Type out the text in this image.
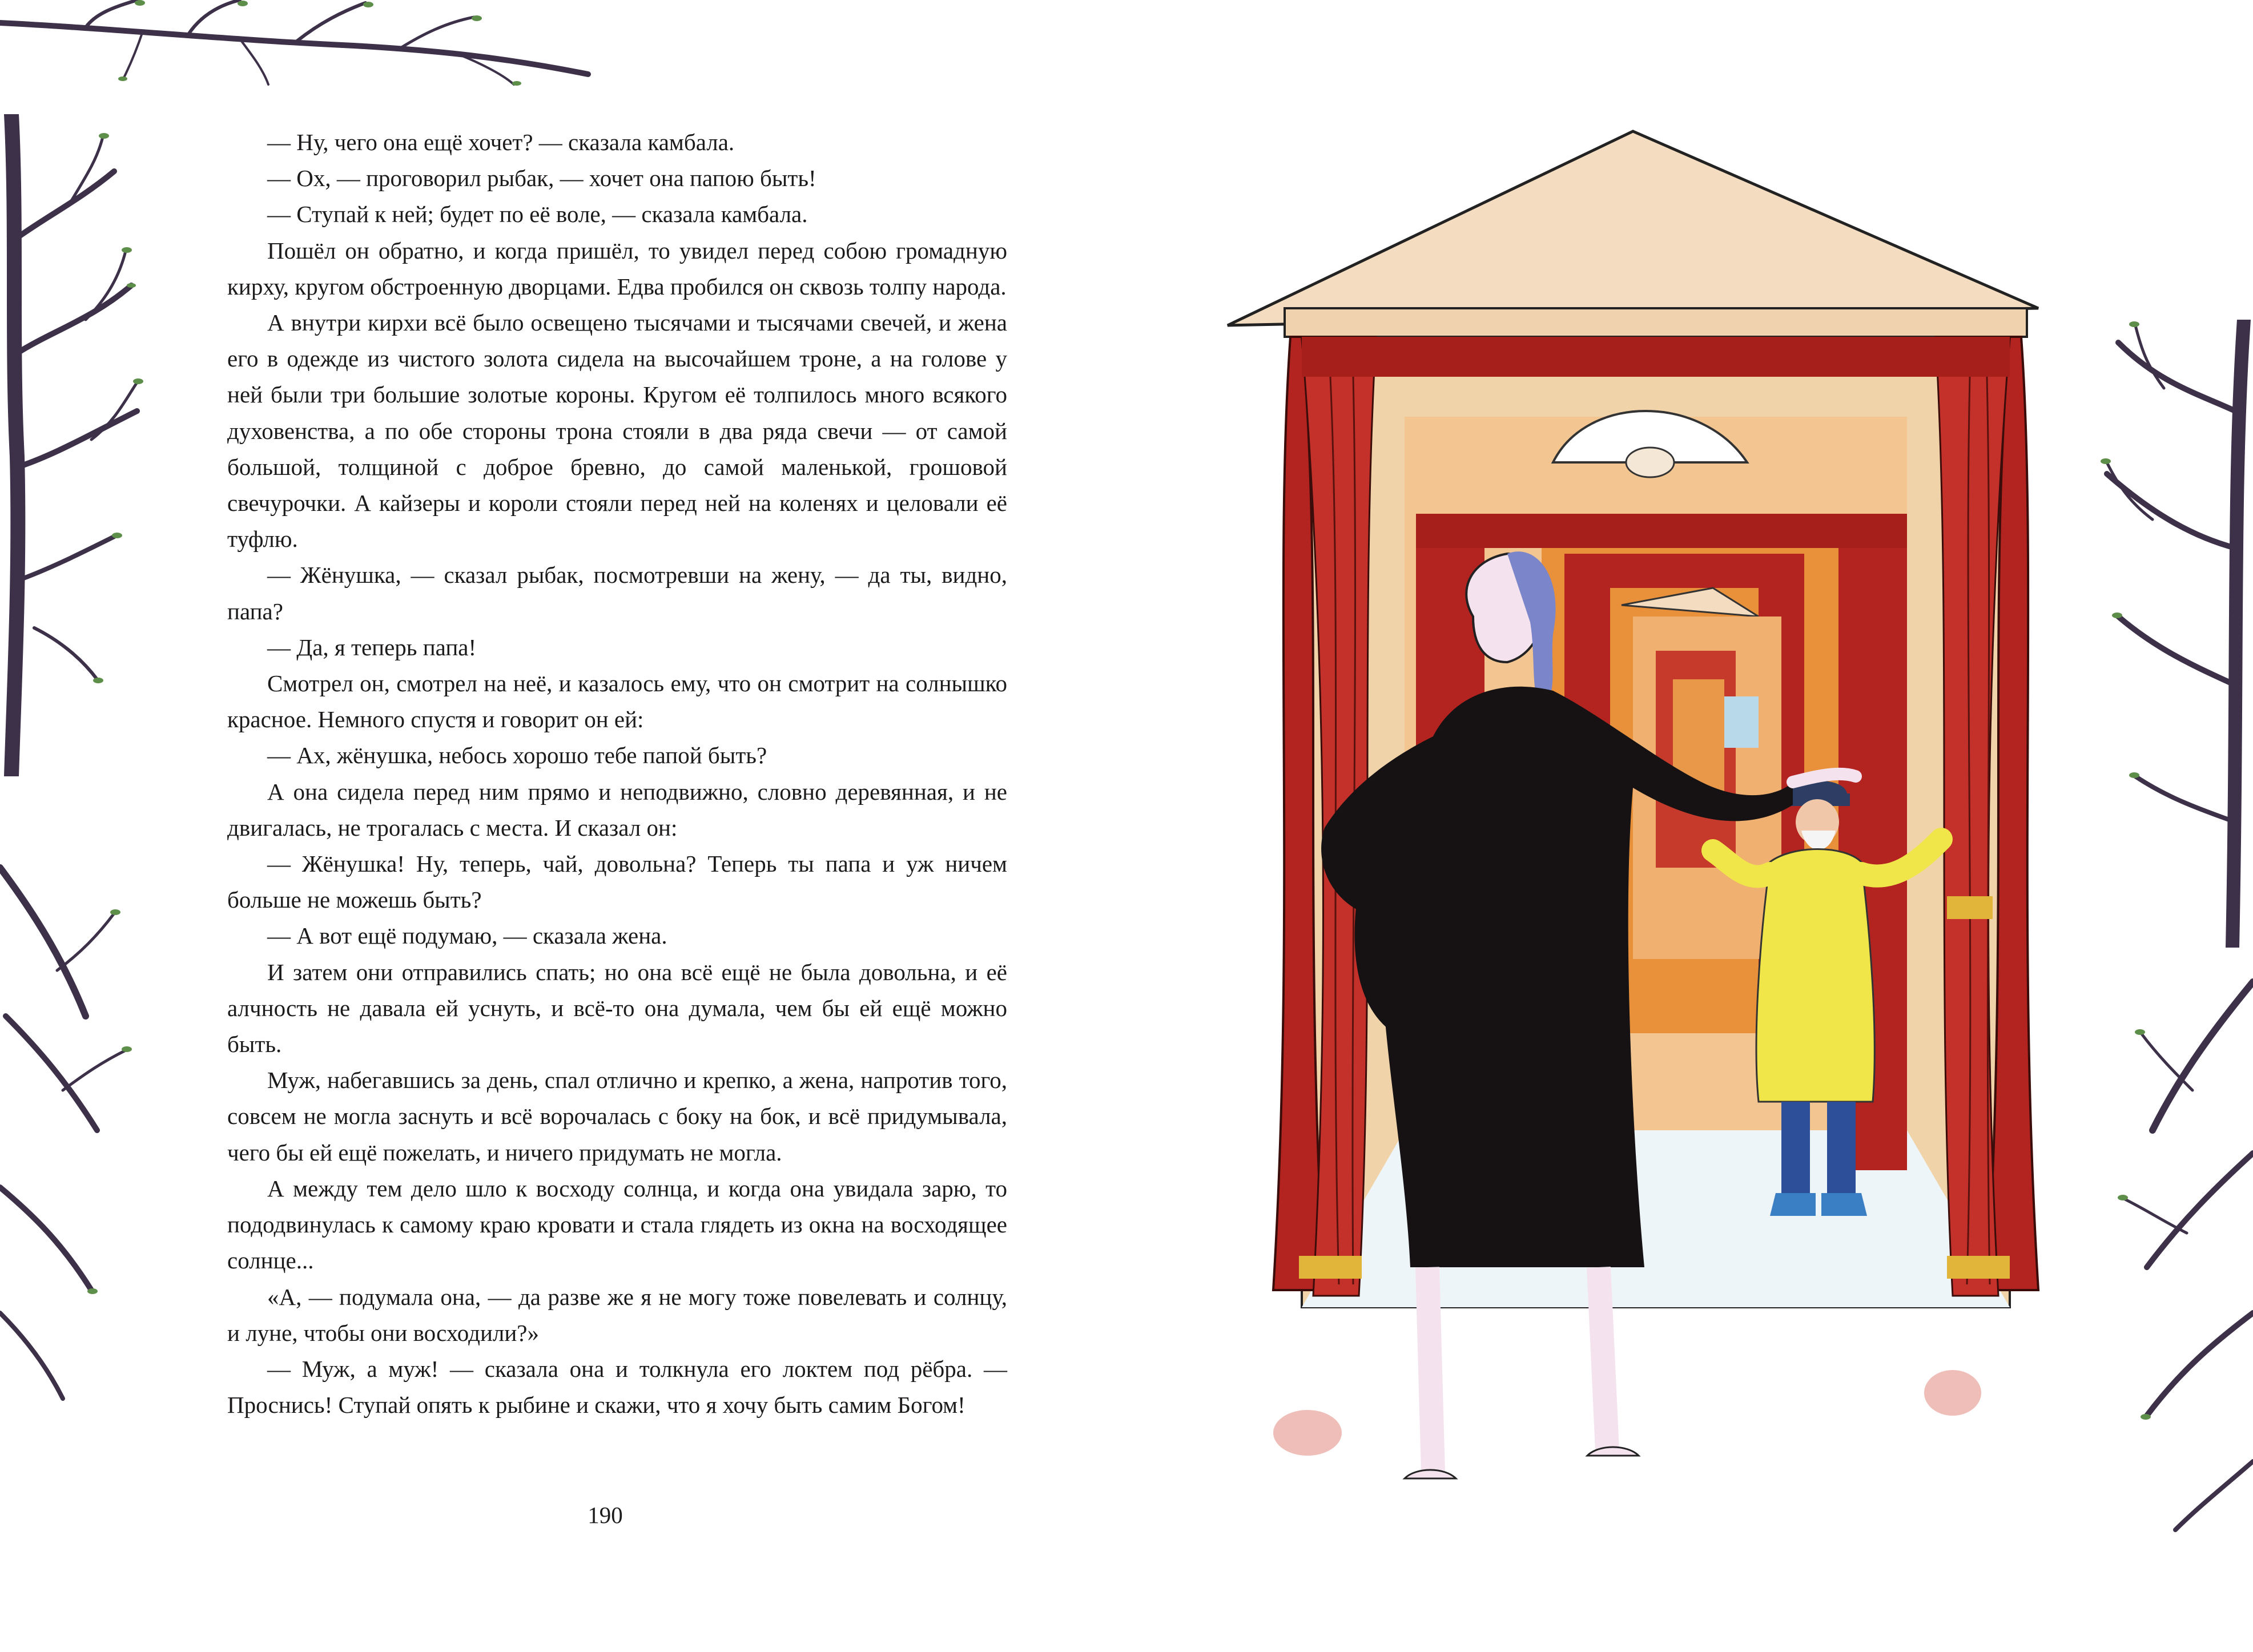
— Ну, чего она ещё хочет? — сказала камбала.

— Ох, — проговорил рыбак, — хочет она папою быть!

— Ступай к ней; будет по её воле, — сказала камбала.

Пошёл он обратно, и когда пришёл, то увидел перед собою громадную кирху, кругом обстроенную дворцами. Едва пробился он сквозь толпу народа.

А внутри кирхи всё было освещено тысячами и тысячами свечей, и жена его в одежде из чистого золота сидела на высочайшем троне, а на голове у ней были три большие золотые короны. Кругом её толпилось много всякого духовенства, а по обе стороны трона стояли в два ряда свечи — от самой большой, толщиной с доброе бревно, до самой маленькой, грошовой свечурочки. А кайзеры и короли стояли перед ней на коленях и целовали её туфлю.

— Жёнушка, — сказал рыбак, посмотревши на жену, — да ты, видно, папа?

— Да, я теперь папа!

Смотрел он, смотрел на неё, и казалось ему, что он смотрит на солнышко красное. Немного спустя и говорит он ей:

— Ах, жёнушка, небось хорошо тебе папой быть?

А она сидела перед ним прямо и неподвижно, словно деревянная, и не двигалась, не трогалась с места. И сказал он:

— Жёнушка! Ну, теперь, чай, довольна? Теперь ты папа и уж ничем больше не можешь быть?

— А вот ещё подумаю, — сказала жена.

И затем они отправились спать; но она всё ещё не была довольна, и её алчность не давала ей уснуть, и всё-то она думала, чем бы ей ещё можно быть.

Муж, набегавшись за день, спал отлично и крепко, а жена, напротив того, совсем не могла заснуть и всё ворочалась с боку на бок, и всё придумывала, чего бы ей ещё пожелать, и ничего придумать не могла.

А между тем дело шло к восходу солнца, и когда она увидала зарю, то пододвинулась к самому краю кровати и стала глядеть из окна на восходящее солнце...

«А, — подумала она, — да разве же я не могу тоже повелевать и солнцу, и луне, чтобы они восходили?»

— Муж, а муж! — сказала она и толкнула его локтем под рёбра. — Проснись! Ступай опять к рыбине и скажи, что я хочу быть самим Богом!

190
